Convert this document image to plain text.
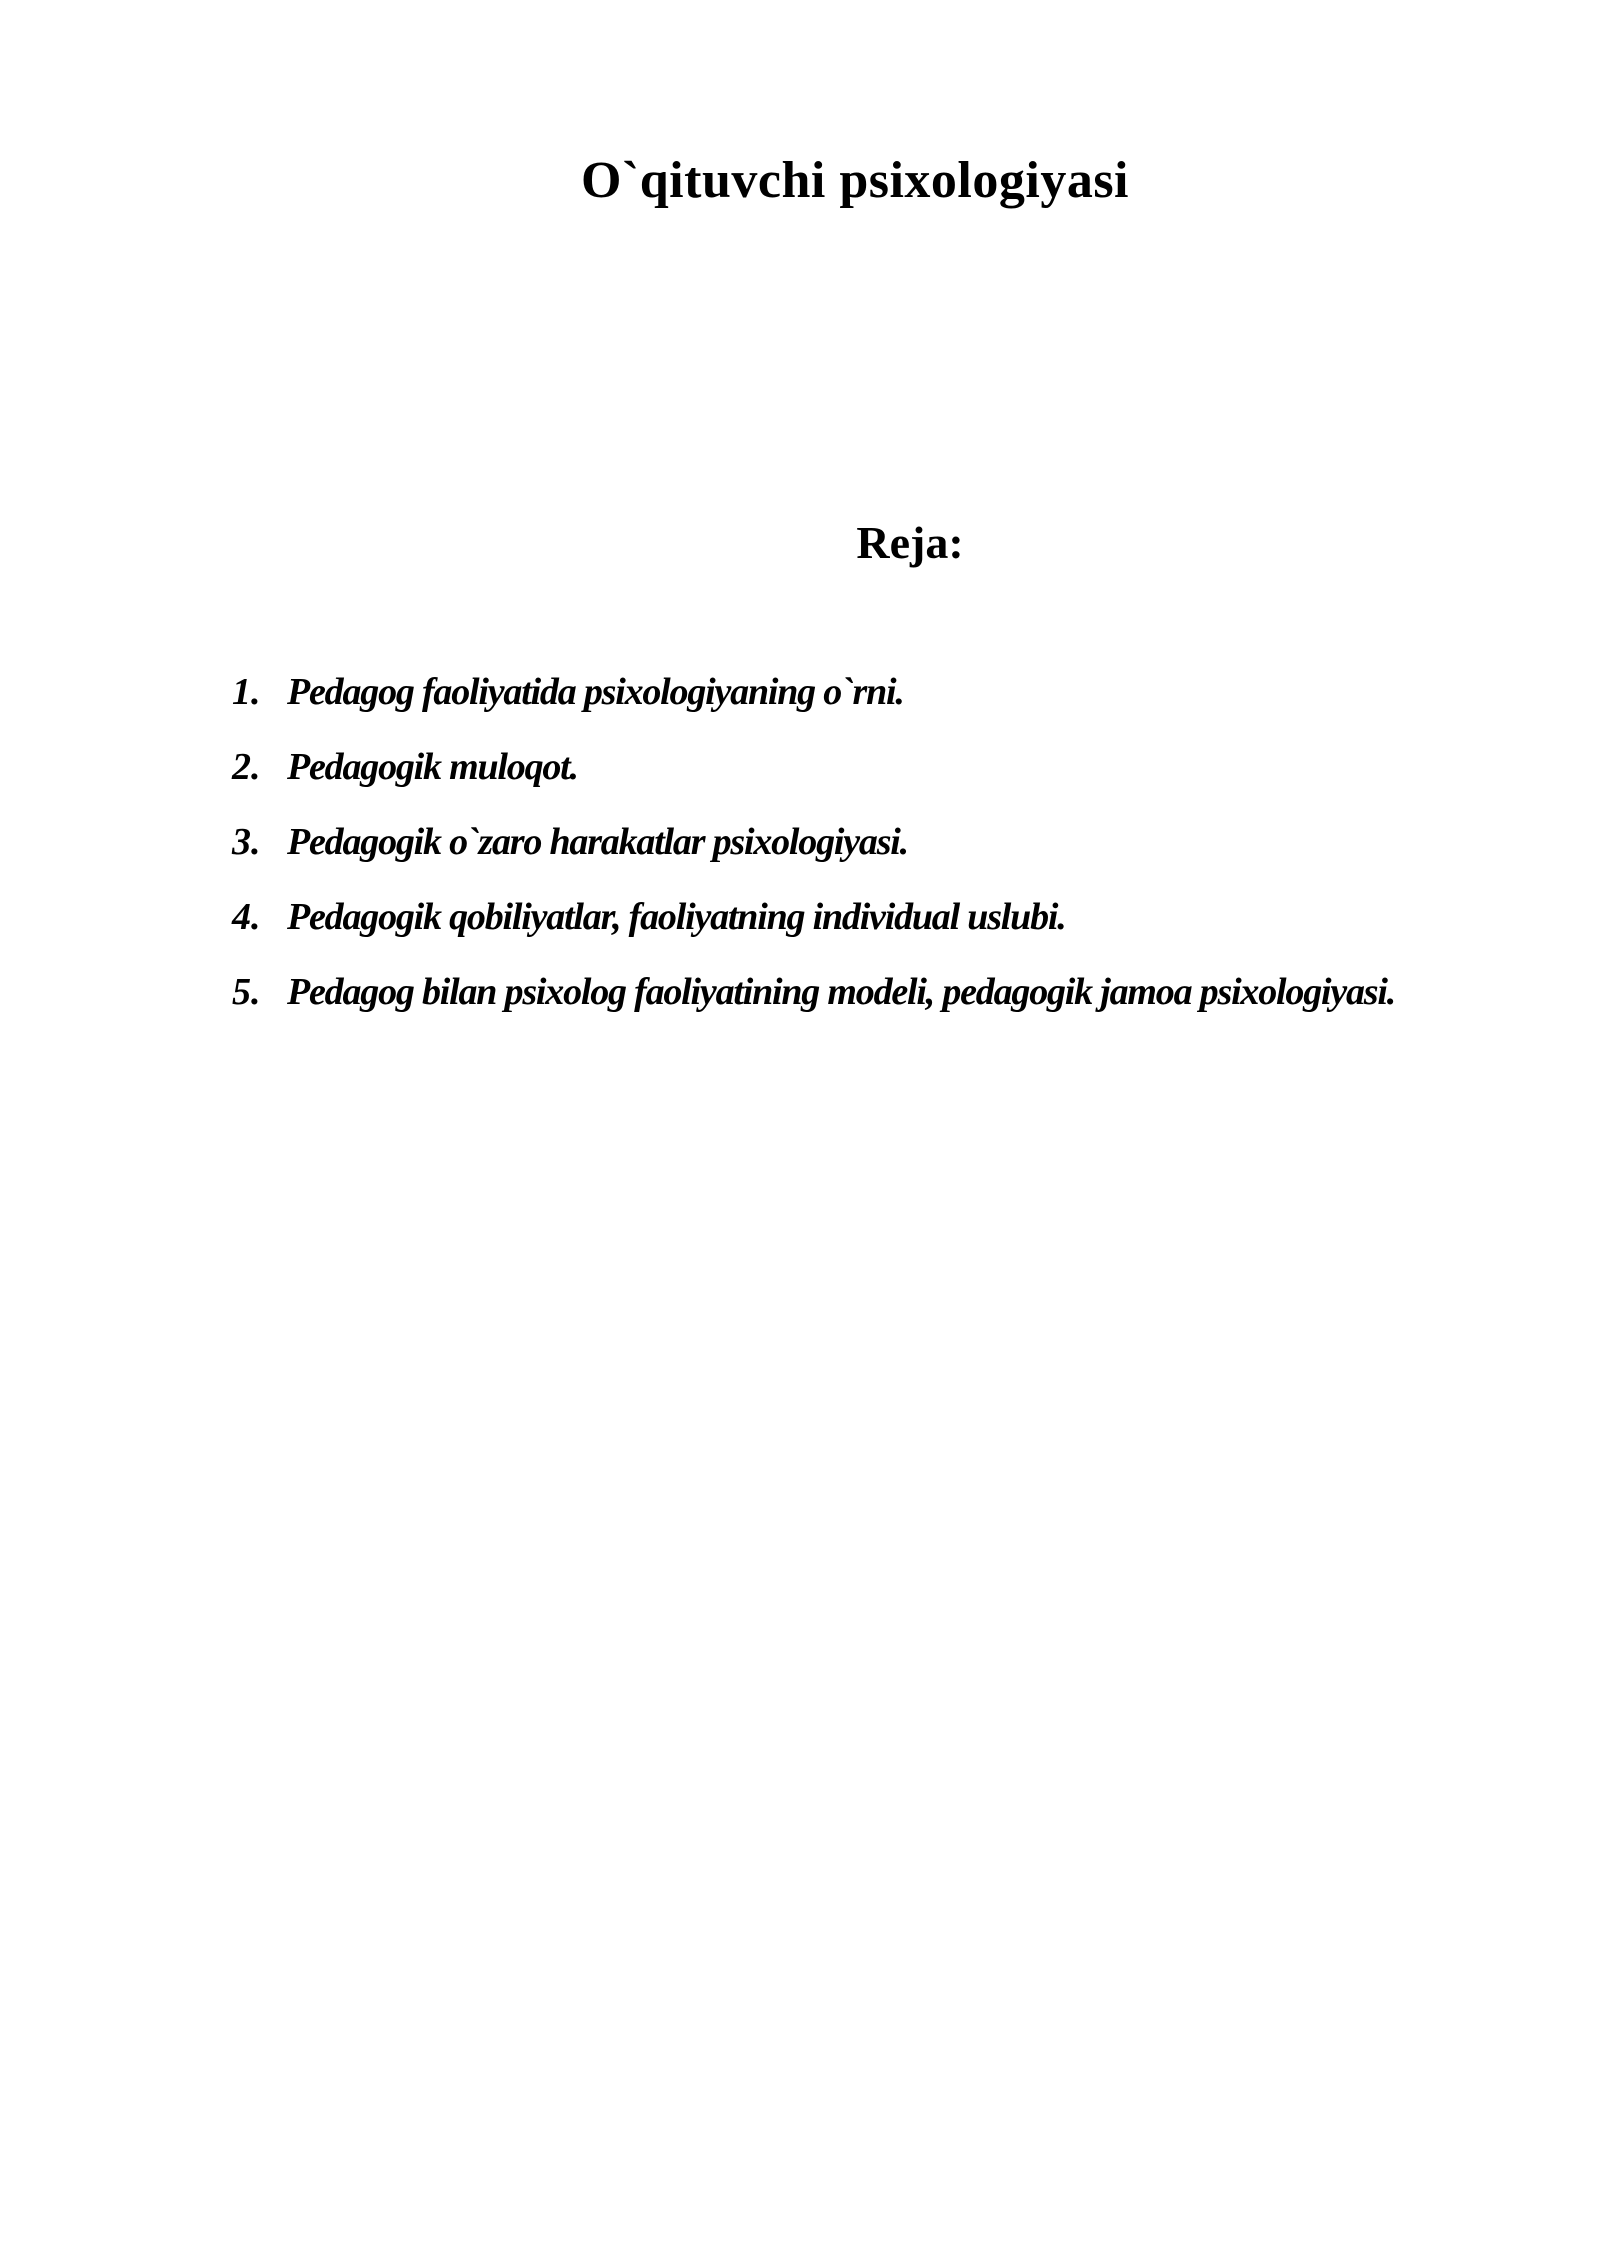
O`qituvchi psixologiyasi
Reja:
1. Pedagog faoliyatida psixologiyaning o`rni.
2. Pedagogik muloqot.
3. Pedagogik o`zaro harakatlar psixologiyasi.
4. Pedagogik qobiliyatlar, faoliyatning individual uslubi.
5. Pedagog bilan psixolog faoliyatining modeli, pedagogik jamoa psixologiyasi.
